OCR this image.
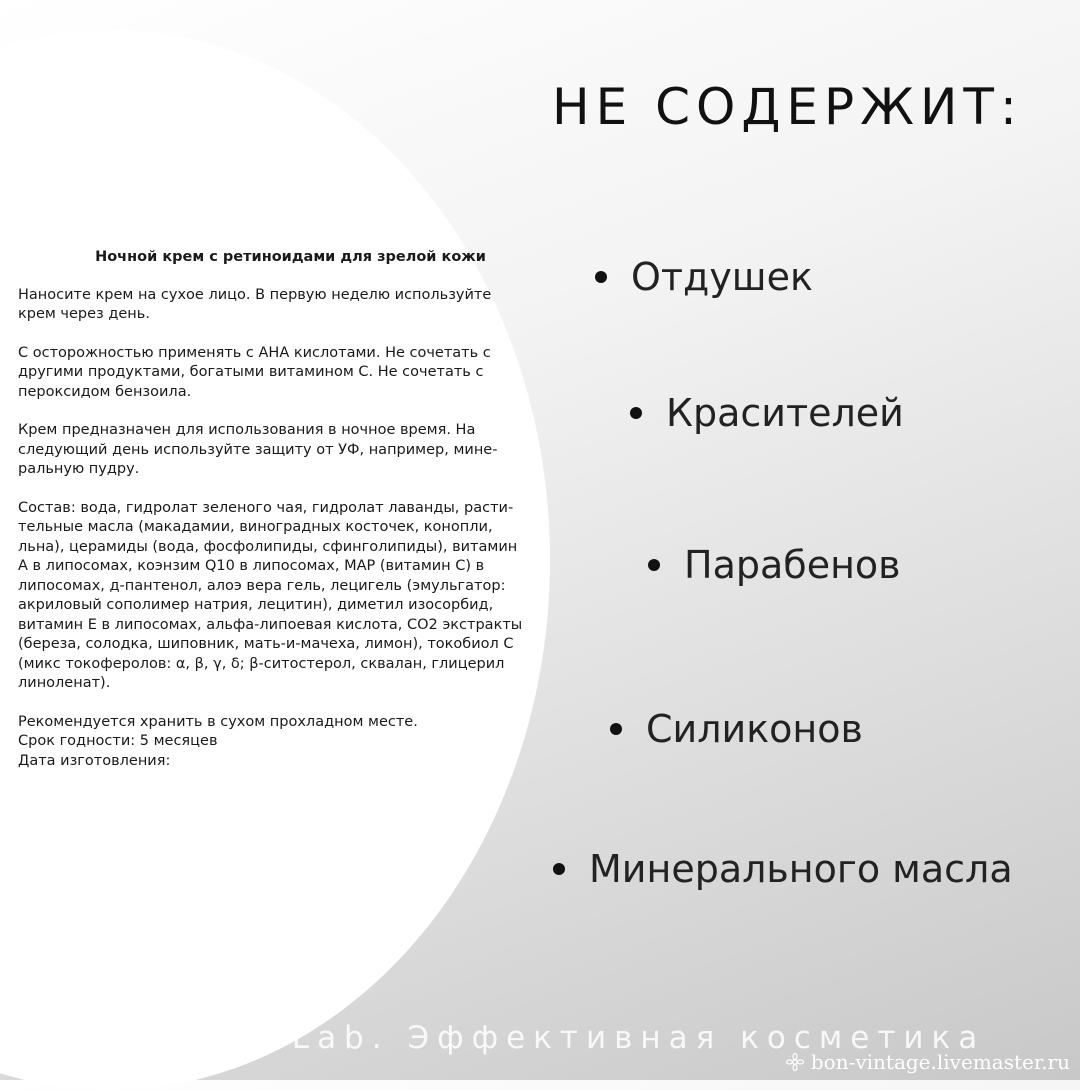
Ночной крем с ретиноидами для зрелой кожи

Наносите крем на сухое лицо. В первую неделю используйте

крем через день.

С осторожностью применять с АНА кислотами. Не сочетать с

другими продуктами, богатыми витамином С. Не сочетать с

пероксидом бензоила.

Крем предназначен для использования в ночное время. На

следующий день используйте защиту от УФ, например, мине-

ральную пудру.

Состав: вода, гидролат зеленого чая, гидролат лаванды, расти-

тельные масла (макадамии, виноградных косточек, конопли,

льна), церамиды (вода, фосфолипиды, сфинголипиды), витамин

А в липосомах, коэнзим Q10 в липосомах, MAP (витамин С) в

липосомах, д-пантенол, алоэ вера гель, лецигель (эмульгатор:

акриловый сополимер натрия, лецитин), диметил изосорбид,

витамин Е в липосомах, альфа-липоевая кислота, СО2 экстракты

(береза, солодка, шиповник, мать-и-мачеха, лимон), токобиол С

(микс токоферолов: α, β, γ, δ; β-ситостерол, сквалан, глицерил

линоленат).

Рекомендуется хранить в сухом прохладном месте.

Срок годности: 5 месяцев

Дата изготовления:

НЕ СОДЕРЖИТ:
Отдушек
Красителей
Парабенов
Силиконов
Минерального масла
v.Lab. Эффективная косметика
bon-vintage.livemaster.ru
